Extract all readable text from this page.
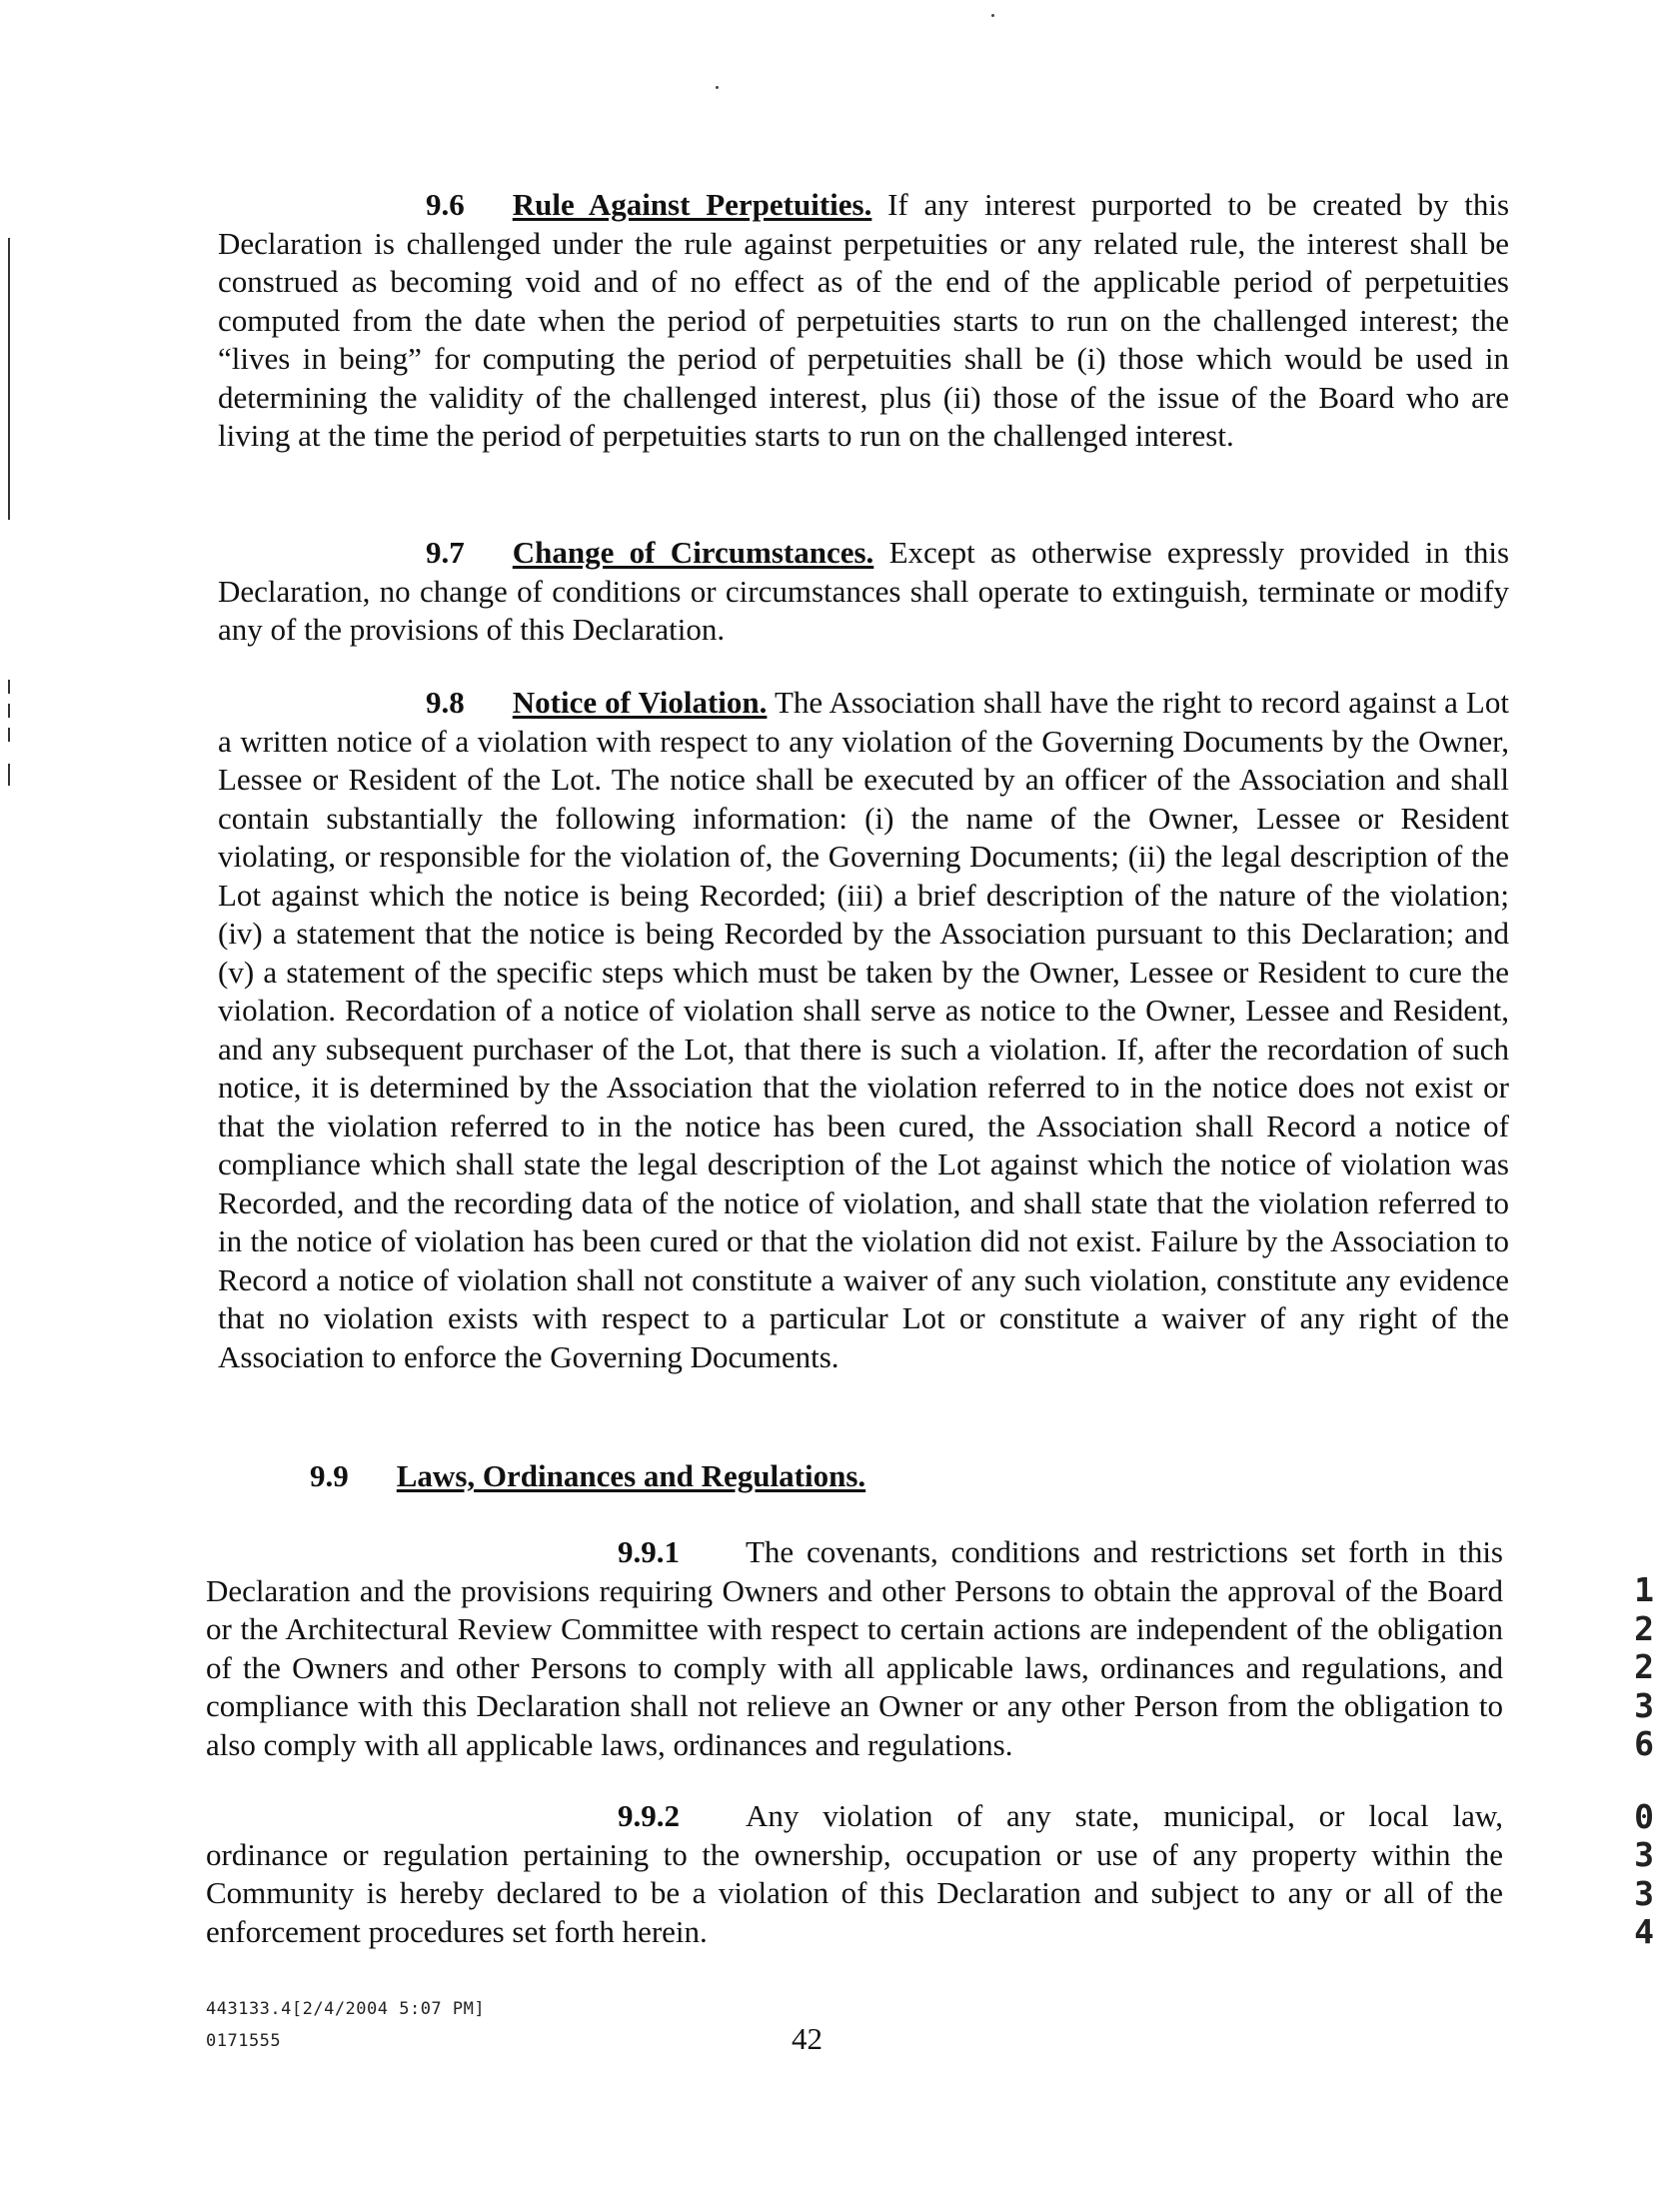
9.6 Rule Against Perpetuities. If any interest purported to be created by this Declaration is challenged under the rule against perpetuities or any related rule, the interest shall be construed as becoming void and of no effect as of the end of the applicable period of perpetuities computed from the date when the period of perpetuities starts to run on the challenged interest; the “lives in being” for computing the period of perpetuities shall be (i) those which would be used in determining the validity of the challenged interest, plus (ii) those of the issue of the Board who are living at the time the period of perpetuities starts to run on the challenged interest.

9.7 Change of Circumstances. Except as otherwise expressly provided in this Declaration, no change of conditions or circumstances shall operate to extinguish, terminate or modify any of the provisions of this Declaration.

9.8 Notice of Violation. The Association shall have the right to record against a Lot a written notice of a violation with respect to any violation of the Governing Documents by the Owner, Lessee or Resident of the Lot. The notice shall be executed by an officer of the Association and shall contain substantially the following information: (i) the name of the Owner, Lessee or Resident violating, or responsible for the violation of, the Governing Documents; (ii) the legal description of the Lot against which the notice is being Recorded; (iii) a brief description of the nature of the violation; (iv) a statement that the notice is being Recorded by the Association pursuant to this Declaration; and (v) a statement of the specific steps which must be taken by the Owner, Lessee or Resident to cure the violation. Recordation of a notice of violation shall serve as notice to the Owner, Lessee and Resident, and any subsequent purchaser of the Lot, that there is such a violation. If, after the recordation of such notice, it is determined by the Association that the violation referred to in the notice does not exist or that the violation referred to in the notice has been cured, the Association shall Record a notice of compliance which shall state the legal description of the Lot against which the notice of violation was Recorded, and the recording data of the notice of violation, and shall state that the violation referred to in the notice of violation has been cured or that the violation did not exist. Failure by the Association to Record a notice of violation shall not constitute a waiver of any such violation, constitute any evidence that no violation exists with respect to a particular Lot or constitute a waiver of any right of the Association to enforce the Governing Documents.

9.9 Laws, Ordinances and Regulations.

9.9.1 The covenants, conditions and restrictions set forth in this Declaration and the provisions requiring Owners and other Persons to obtain the approval of the Board or the Architectural Review Committee with respect to certain actions are independent of the obligation of the Owners and other Persons to comply with all applicable laws, ordinances and regulations, and compliance with this Declaration shall not relieve an Owner or any other Person from the obligation to also comply with all applicable laws, ordinances and regulations.

9.9.2 Any violation of any state, municipal, or local law, ordinance or regulation pertaining to the ownership, occupation or use of any property within the Community is hereby declared to be a violation of this Declaration and subject to any or all of the enforcement procedures set forth herein.

443133.4[2/4/2004 5:07 PM]
0171555	42
1
2
2
3
6
0
3
3
4
